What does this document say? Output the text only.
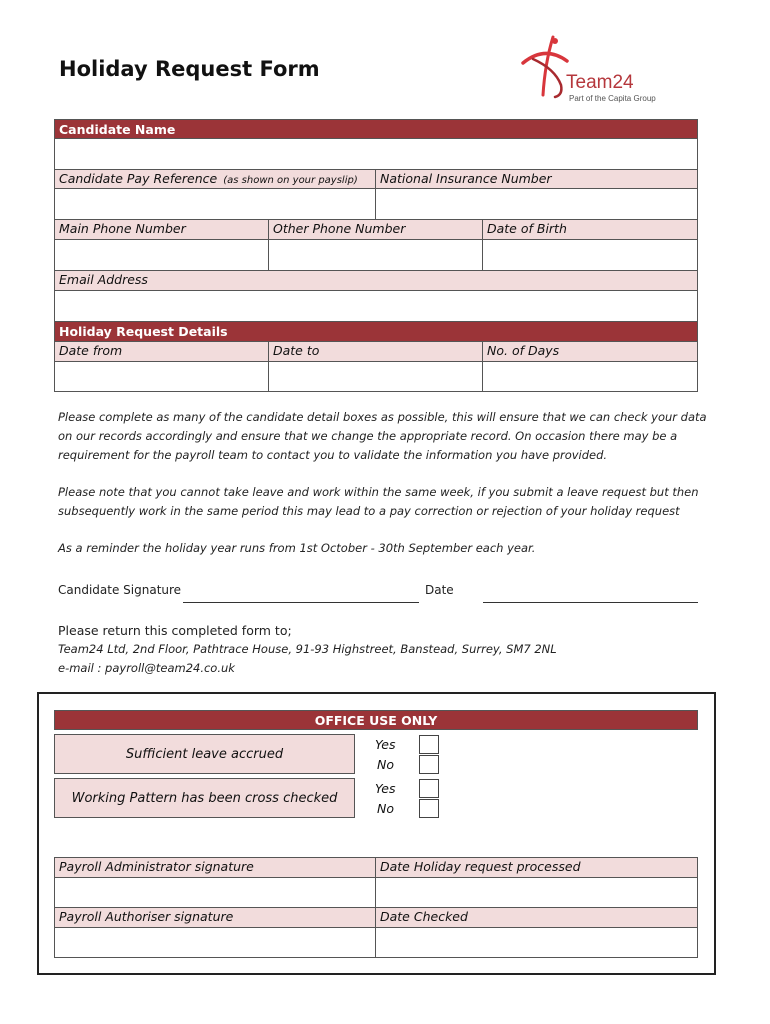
Holiday Request Form
Team24
Part of the Capita Group
Candidate Name
Candidate Pay Reference (as shown on your payslip)	National Insurance Number
Main Phone Number	Other Phone Number	Date of Birth
Email Address
Holiday Request Details
Date from	Date to	No. of Days
Please complete as many of the candidate detail boxes as possible, this will ensure that we can check your data
on our records accordingly and ensure that we change the appropriate record. On occasion there may be a
requirement for the payroll team to contact you to validate the information you have provided.
Please note that you cannot take leave and work within the same week, if you submit a leave request but then
subsequently work in the same period this may lead to a pay correction or rejection of your holiday request
As a reminder the holiday year runs from 1st October - 30th September each year.
Candidate Signature	Date
Please return this completed form to;
Team24 Ltd, 2nd Floor, Pathtrace House, 91-93 Highstreet, Banstead, Surrey, SM7 2NL
e-mail : payroll@team24.co.uk
OFFICE USE ONLY
Sufficient leave accrued
Yes
No
Working Pattern has been cross checked
Yes
No
Payroll Administrator signature	Date Holiday request processed
Payroll Authoriser signature	Date Checked
